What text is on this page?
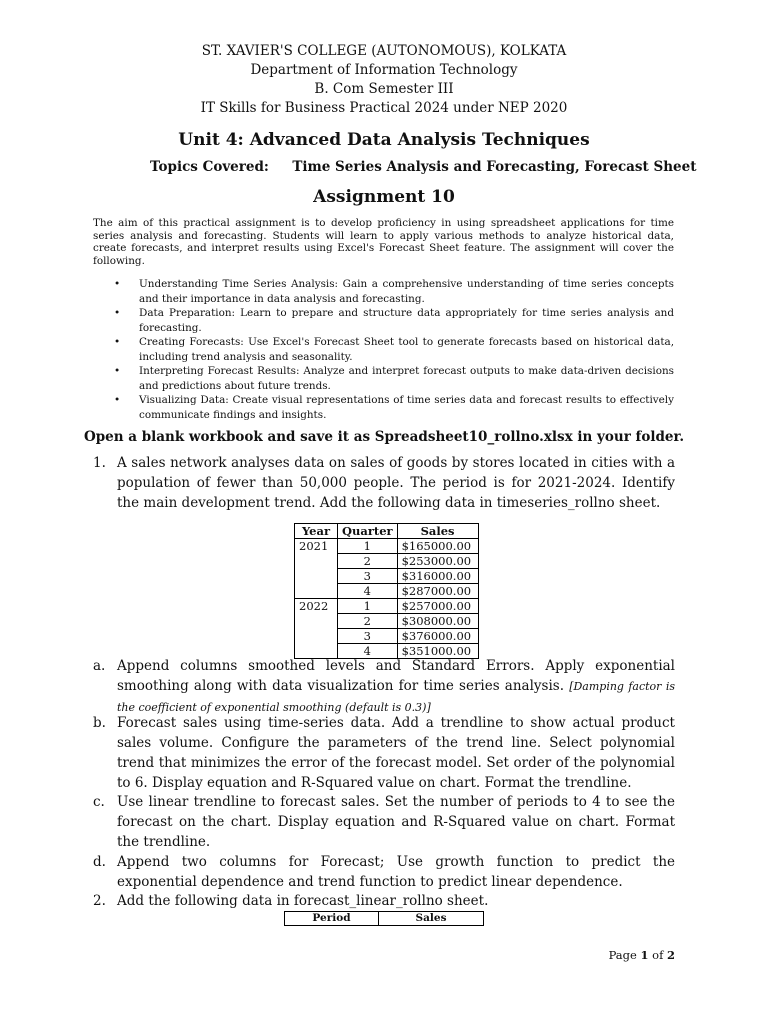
ST. XAVIER'S COLLEGE (AUTONOMOUS), KOLKATA
Department of Information Technology
B. Com Semester III
IT Skills for Business Practical 2024 under NEP 2020
Unit 4: Advanced Data Analysis Techniques
Topics Covered: Time Series Analysis and Forecasting, Forecast Sheet
Assignment 10
The aim of this practical assignment is to develop proficiency in using spreadsheet applications for time series analysis and forecasting. Students will learn to apply various methods to analyze historical data, create forecasts, and interpret results using Excel's Forecast Sheet feature. The assignment will cover the following.
• Understanding Time Series Analysis: Gain a comprehensive understanding of time series concepts and their importance in data analysis and forecasting.
• Data Preparation: Learn to prepare and structure data appropriately for time series analysis and forecasting.
• Creating Forecasts: Use Excel's Forecast Sheet tool to generate forecasts based on historical data, including trend analysis and seasonality.
• Interpreting Forecast Results: Analyze and interpret forecast outputs to make data-driven decisions and predictions about future trends.
• Visualizing Data: Create visual representations of time series data and forecast results to effectively communicate findings and insights.
Open a blank workbook and save it as Spreadsheet10_rollno.xlsx in your folder.
1. A sales network analyses data on sales of goods by stores located in cities with a population of fewer than 50,000 people. The period is for 2021-2024. Identify the main development trend. Add the following data in timeseries_rollno sheet.
Year	Quarter	Sales
2021	1	$165000.00
	2	$253000.00
	3	$316000.00
	4	$287000.00
2022	1	$257000.00
	2	$308000.00
	3	$376000.00
	4	$351000.00
a. Append columns smoothed levels and Standard Errors. Apply exponential smoothing along with data visualization for time series analysis. [Damping factor is the coefficient of exponential smoothing (default is 0.3)]
b. Forecast sales using time-series data. Add a trendline to show actual product sales volume. Configure the parameters of the trend line. Select polynomial trend that minimizes the error of the forecast model. Set order of the polynomial to 6. Display equation and R-Squared value on chart. Format the trendline.
c. Use linear trendline to forecast sales. Set the number of periods to 4 to see the forecast on the chart. Display equation and R-Squared value on chart. Format the trendline.
d. Append two columns for Forecast; Use growth function to predict the exponential dependence and trend function to predict linear dependence.
2. Add the following data in forecast_linear_rollno sheet.
Period	Sales
Page 1 of 2
